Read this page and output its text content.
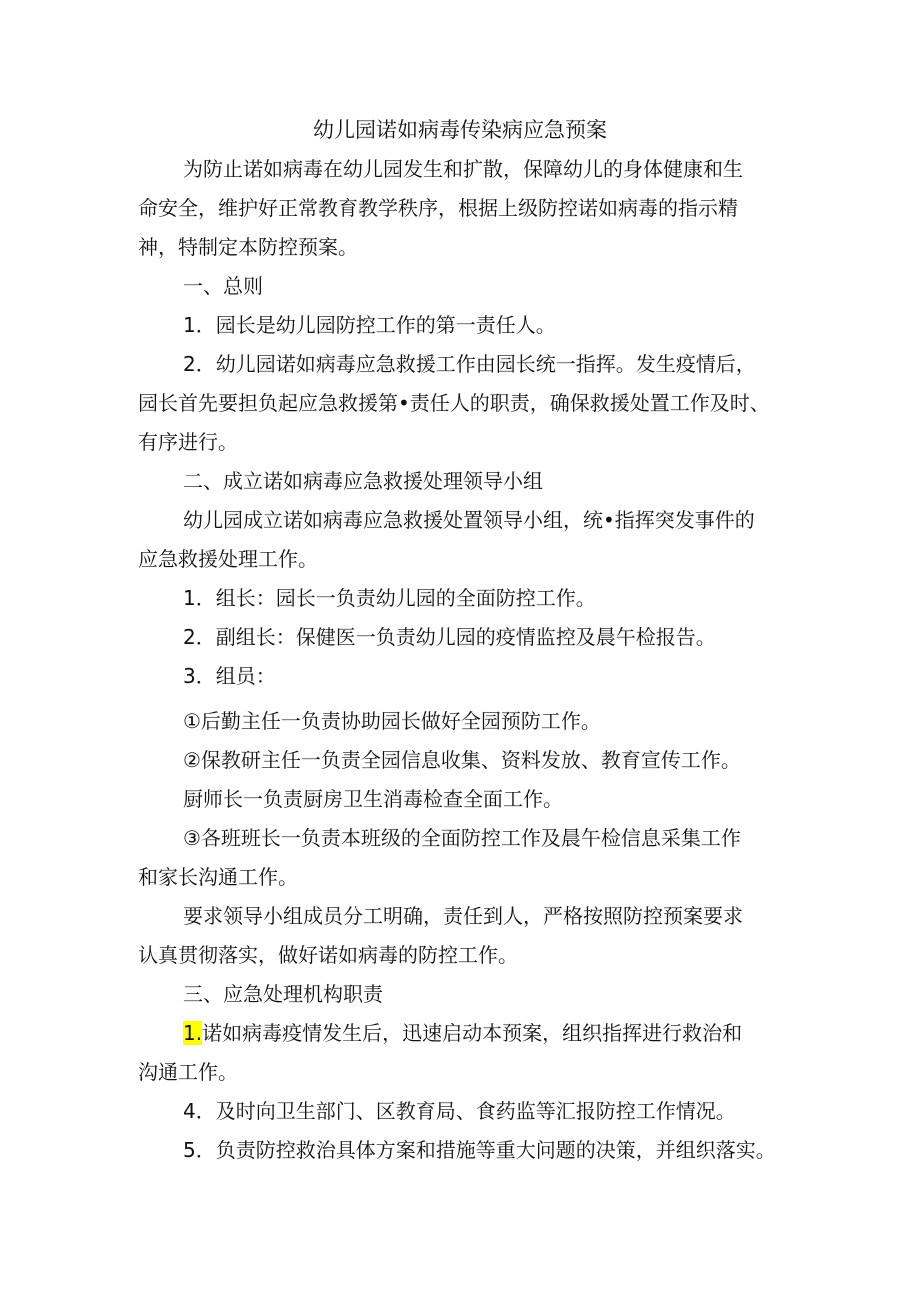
幼儿园诺如病毒传染病应急预案
为防止诺如病毒在幼儿园发生和扩散，保障幼儿的身体健康和生
命安全，维护好正常教育教学秩序，根据上级防控诺如病毒的指示精
神，特制定本防控预案。
一、总则
1．园长是幼儿园防控工作的第一责任人。
2．幼儿园诺如病毒应急救援工作由园长统一指挥。发生疫情后，
园长首先要担负起应急救援第•责任人的职责，确保救援处置工作及时、
有序进行。
二、成立诺如病毒应急救援处理领导小组
幼儿园成立诺如病毒应急救援处置领导小组，统•指挥突发事件的
应急救援处理工作。
1．组长：园长一负责幼儿园的全面防控工作。
2．副组长：保健医一负责幼儿园的疫情监控及晨午检报告。
3．组员：
①后勤主任一负责协助园长做好全园预防工作。
②保教研主任一负责全园信息收集、资料发放、教育宣传工作。
厨师长一负责厨房卫生消毒检查全面工作。
③各班班长一负责本班级的全面防控工作及晨午检信息采集工作
和家长沟通工作。
要求领导小组成员分工明确，责任到人，严格按照防控预案要求
认真贯彻落实，做好诺如病毒的防控工作。
三、应急处理机构职责
1.诺如病毒疫情发生后，迅速启动本预案，组织指挥进行救治和
沟通工作。
4．及时向卫生部门、区教育局、食药监等汇报防控工作情况。
5．负责防控救治具体方案和措施等重大问题的决策，并组织落实。
